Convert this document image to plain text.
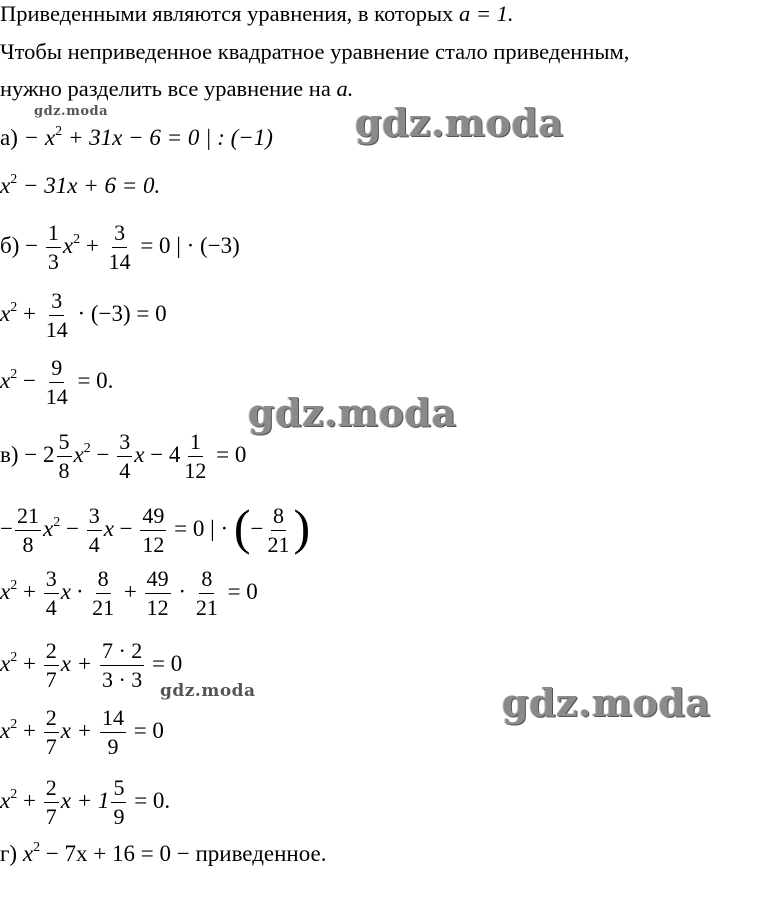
Приведенными являются уравнения, в которых a = 1.
Чтобы неприведенное квадратное уравнение стало приведенным,
нужно разделить все уравнение на a.
$а) - x^2 + 31x - 6 = 0$ | : (−1)
$x^2 - 31x + 6 = 0$.
$б) - \frac{1}{3} x^2 + \frac{3}{14} = 0$ | · (−3)
$x^2 + \frac{3}{14} \cdot (-3) = 0$
$x^2 - \frac{9}{14} = 0$.
$в) - 2 \frac{5}{8} x^2 - \frac{3}{4}$ $x - 4 \frac{1}{12} = 0$
− $\frac{21}{8} x^2 - \frac{3}{4}$ $x - \frac{49}{12} = 0$ | · (− $\frac{8}{21}$ )
$x^2 + \frac{3}{4}$ $x \cdot \frac{8}{21} + \frac{49}{12} \cdot \frac{8}{21} = 0$
$x^2 + \frac{2}{7}$ $x + \frac{7 \cdot 2}{3 \cdot 3} = 0$
$x^2 + \frac{2}{7}$ $x + \frac{14}{9} = 0$
$x^2 + \frac{2}{7}$ $x + 1 \frac{5}{9} = 0$.
г) $x^2 - 7x + 16 = 0$ − приведенное.
gdz.moda	gdz.moda
gdz.moda
gdz.moda
gdz.moda
